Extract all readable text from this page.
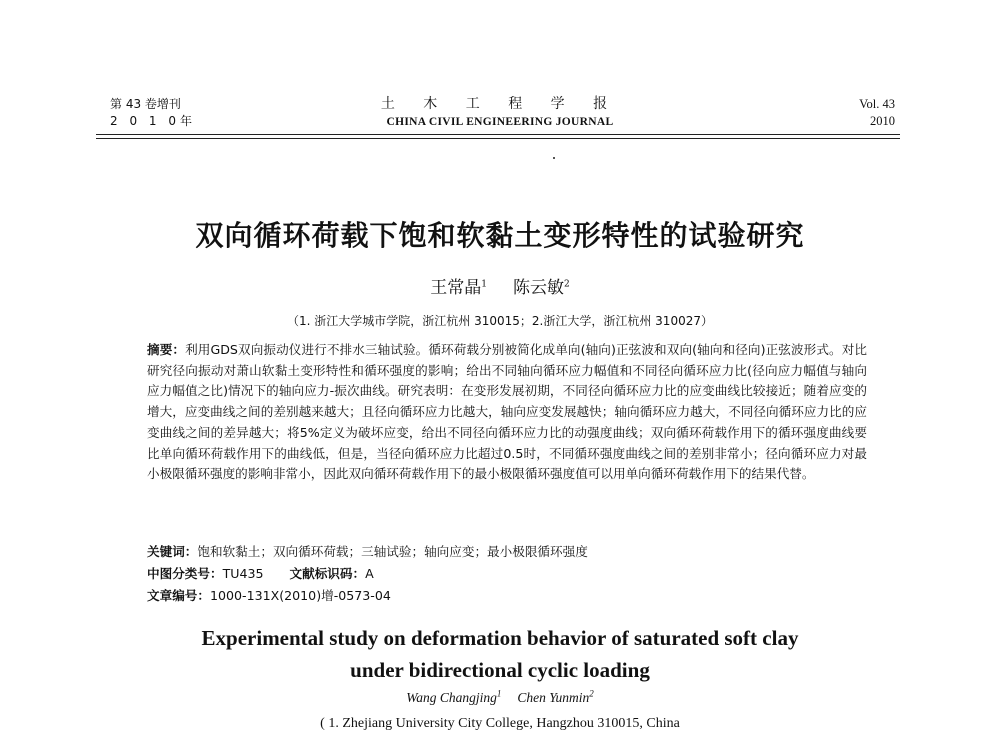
第 43 卷增刊
2 0 1 0年
土 木 工 程 学 报
CHINA CIVIL ENGINEERING JOURNAL
Vol. 43
2010
双向循环荷载下饱和软黏土变形特性的试验研究
王常晶$^1$ 陈云敏$^2$
（1. 浙江大学城市学院，浙江杭州 310015；2.浙江大学，浙江杭州 310027）
摘要：利用GDS双向振动仪进行不排水三轴试验。循环荷载分别被简化成单向(轴向)正弦波和双向(轴向和径向)正弦波形式。对比研究径向振动对萧山软黏土变形特性和循环强度的影响；给出不同轴向循环应力幅值和不同径向循环应力比(径向应力幅值与轴向应力幅值之比)情况下的轴向应力-振次曲线。研究表明：在变形发展初期，不同径向循环应力比的应变曲线比较接近；随着应变的增大，应变曲线之间的差别越来越大；且径向循环应力比越大，轴向应变发展越快；轴向循环应力越大，不同径向循环应力比的应变曲线之间的差异越大；将5%定义为破坏应变，给出不同径向循环应力比的动强度曲线；双向循环荷载作用下的循环强度曲线要比单向循环荷载作用下的曲线低，但是，当径向循环应力比超过0.5时，不同循环强度曲线之间的差别非常小；径向循环应力对最小极限循环强度的影响非常小，因此双向循环荷载作用下的最小极限循环强度值可以用单向循环荷载作用下的结果代替。
关键词：饱和软黏土；双向循环荷载；三轴试验；轴向应变；最小极限循环强度
中图分类号：TU435 文献标识码：A
文章编号：1000-131X(2010)增-0573-04
Experimental study on deformation behavior of saturated soft clay
under bidirectional cyclic loading
Wang Changjing$^1$ Chen Yunmin$^2$
( 1. Zhejiang University City College, Hangzhou 310015, China
